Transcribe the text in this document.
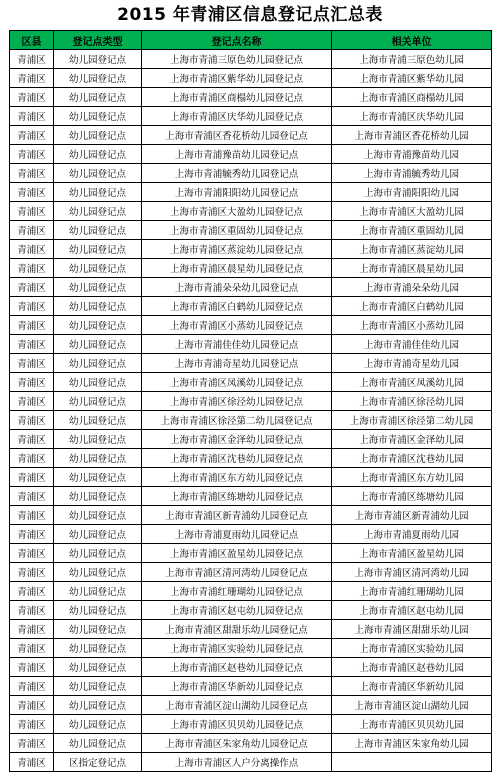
2015 年青浦区信息登记点汇总表
区县	登记点类型	登记点名称	相关单位
青浦区	幼儿园登记点	上海市青浦三原色幼儿园登记点	上海市青浦三原色幼儿园
青浦区	幼儿园登记点	上海市青浦区紫华幼儿园登记点	上海市青浦区紫华幼儿园
青浦区	幼儿园登记点	上海市青浦区商榻幼儿园登记点	上海市青浦区商榻幼儿园
青浦区	幼儿园登记点	上海市青浦区庆华幼儿园登记点	上海市青浦区庆华幼儿园
青浦区	幼儿园登记点	上海市青浦区香花桥幼儿园登记点	上海市青浦区香花桥幼儿园
青浦区	幼儿园登记点	上海市青浦豫苗幼儿园登记点	上海市青浦豫苗幼儿园
青浦区	幼儿园登记点	上海市青浦毓秀幼儿园登记点	上海市青浦毓秀幼儿园
青浦区	幼儿园登记点	上海市青浦阳阳幼儿园登记点	上海市青浦阳阳幼儿园
青浦区	幼儿园登记点	上海市青浦区大盈幼儿园登记点	上海市青浦区大盈幼儿园
青浦区	幼儿园登记点	上海市青浦区重固幼儿园登记点	上海市青浦区重固幼儿园
青浦区	幼儿园登记点	上海市青浦区蒸淀幼儿园登记点	上海市青浦区蒸淀幼儿园
青浦区	幼儿园登记点	上海市青浦区晨星幼儿园登记点	上海市青浦区晨星幼儿园
青浦区	幼儿园登记点	上海市青浦朵朵幼儿园登记点	上海市青浦朵朵幼儿园
青浦区	幼儿园登记点	上海市青浦区白鹤幼儿园登记点	上海市青浦区白鹤幼儿园
青浦区	幼儿园登记点	上海市青浦区小蒸幼儿园登记点	上海市青浦区小蒸幼儿园
青浦区	幼儿园登记点	上海市青浦佳佳幼儿园登记点	上海市青浦佳佳幼儿园
青浦区	幼儿园登记点	上海市青浦奇星幼儿园登记点	上海市青浦奇星幼儿园
青浦区	幼儿园登记点	上海市青浦区凤溪幼儿园登记点	上海市青浦区凤溪幼儿园
青浦区	幼儿园登记点	上海市青浦区徐泾幼儿园登记点	上海市青浦区徐泾幼儿园
青浦区	幼儿园登记点	上海市青浦区徐泾第二幼儿园登记点	上海市青浦区徐泾第二幼儿园
青浦区	幼儿园登记点	上海市青浦区金泽幼儿园登记点	上海市青浦区金泽幼儿园
青浦区	幼儿园登记点	上海市青浦区沈巷幼儿园登记点	上海市青浦区沈巷幼儿园
青浦区	幼儿园登记点	上海市青浦区东方幼儿园登记点	上海市青浦区东方幼儿园
青浦区	幼儿园登记点	上海市青浦区练塘幼儿园登记点	上海市青浦区练塘幼儿园
青浦区	幼儿园登记点	上海市青浦区新青浦幼儿园登记点	上海市青浦区新青浦幼儿园
青浦区	幼儿园登记点	上海市青浦夏雨幼儿园登记点	上海市青浦夏雨幼儿园
青浦区	幼儿园登记点	上海市青浦区盈星幼儿园登记点	上海市青浦区盈星幼儿园
青浦区	幼儿园登记点	上海市青浦区清河湾幼儿园登记点	上海市青浦区清河湾幼儿园
青浦区	幼儿园登记点	上海市青浦红珊瑚幼儿园登记点	上海市青浦红珊瑚幼儿园
青浦区	幼儿园登记点	上海市青浦区赵屯幼儿园登记点	上海市青浦区赵屯幼儿园
青浦区	幼儿园登记点	上海市青浦区甜甜乐幼儿园登记点	上海市青浦区甜甜乐幼儿园
青浦区	幼儿园登记点	上海市青浦区实验幼儿园登记点	上海市青浦区实验幼儿园
青浦区	幼儿园登记点	上海市青浦区赵巷幼儿园登记点	上海市青浦区赵巷幼儿园
青浦区	幼儿园登记点	上海市青浦区华新幼儿园登记点	上海市青浦区华新幼儿园
青浦区	幼儿园登记点	上海市青浦区淀山湖幼儿园登记点	上海市青浦区淀山湖幼儿园
青浦区	幼儿园登记点	上海市青浦区贝贝幼儿园登记点	上海市青浦区贝贝幼儿园
青浦区	幼儿园登记点	上海市青浦区朱家角幼儿园登记点	上海市青浦区朱家角幼儿园
青浦区	区指定登记点	上海市青浦区人户分离操作点	
